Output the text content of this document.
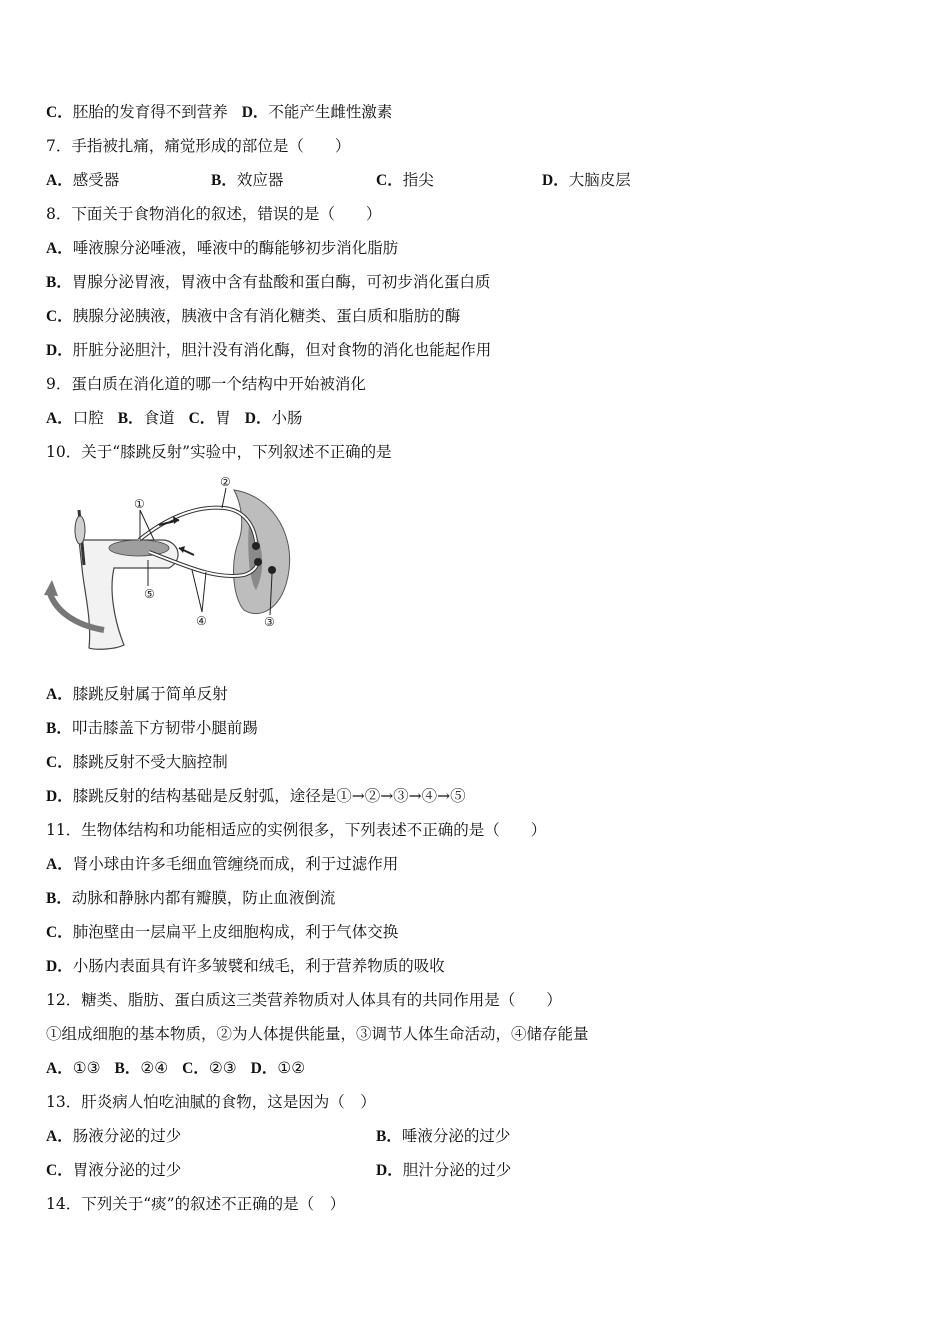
C．胚胎的发育得不到营养 D．不能产生雌性激素
7．手指被扎痛，痛觉形成的部位是（　　）
A．感受器	B．效应器	C．指尖	D．大脑皮层
8．下面关于食物消化的叙述，错误的是（　　）
A．唾液腺分泌唾液，唾液中的酶能够初步消化脂肪
B．胃腺分泌胃液，胃液中含有盐酸和蛋白酶，可初步消化蛋白质
C．胰腺分泌胰液，胰液中含有消化糖类、蛋白质和脂肪的酶
D．肝脏分泌胆汁，胆汁没有消化酶，但对食物的消化也能起作用
9．蛋白质在消化道的哪一个结构中开始被消化
A．口腔 B．食道 C．胃 D．小肠
10．关于“膝跳反射”实验中，下列叙述不正确的是
①
②
③
④
⑤
A．膝跳反射属于简单反射
B．叩击膝盖下方韧带小腿前踢
C．膝跳反射不受大脑控制
D．膝跳反射的结构基础是反射弧，途径是①→②→③→④→⑤
11．生物体结构和功能相适应的实例很多，下列表述不正确的是（　　）
A．肾小球由许多毛细血管缠绕而成，利于过滤作用
B．动脉和静脉内都有瓣膜，防止血液倒流
C．肺泡壁由一层扁平上皮细胞构成，利于气体交换
D．小肠内表面具有许多皱襞和绒毛，利于营养物质的吸收
12．糖类、脂肪、蛋白质这三类营养物质对人体具有的共同作用是（　　）
①组成细胞的基本物质，②为人体提供能量，③调节人体生命活动，④储存能量
A．①③ B．②④ C．②③ D．①②
13．肝炎病人怕吃油腻的食物，这是因为（　）
A．肠液分泌的过少	B．唾液分泌的过少
C．胃液分泌的过少	D．胆汁分泌的过少
14．下列关于“痰”的叙述不正确的是（　）
